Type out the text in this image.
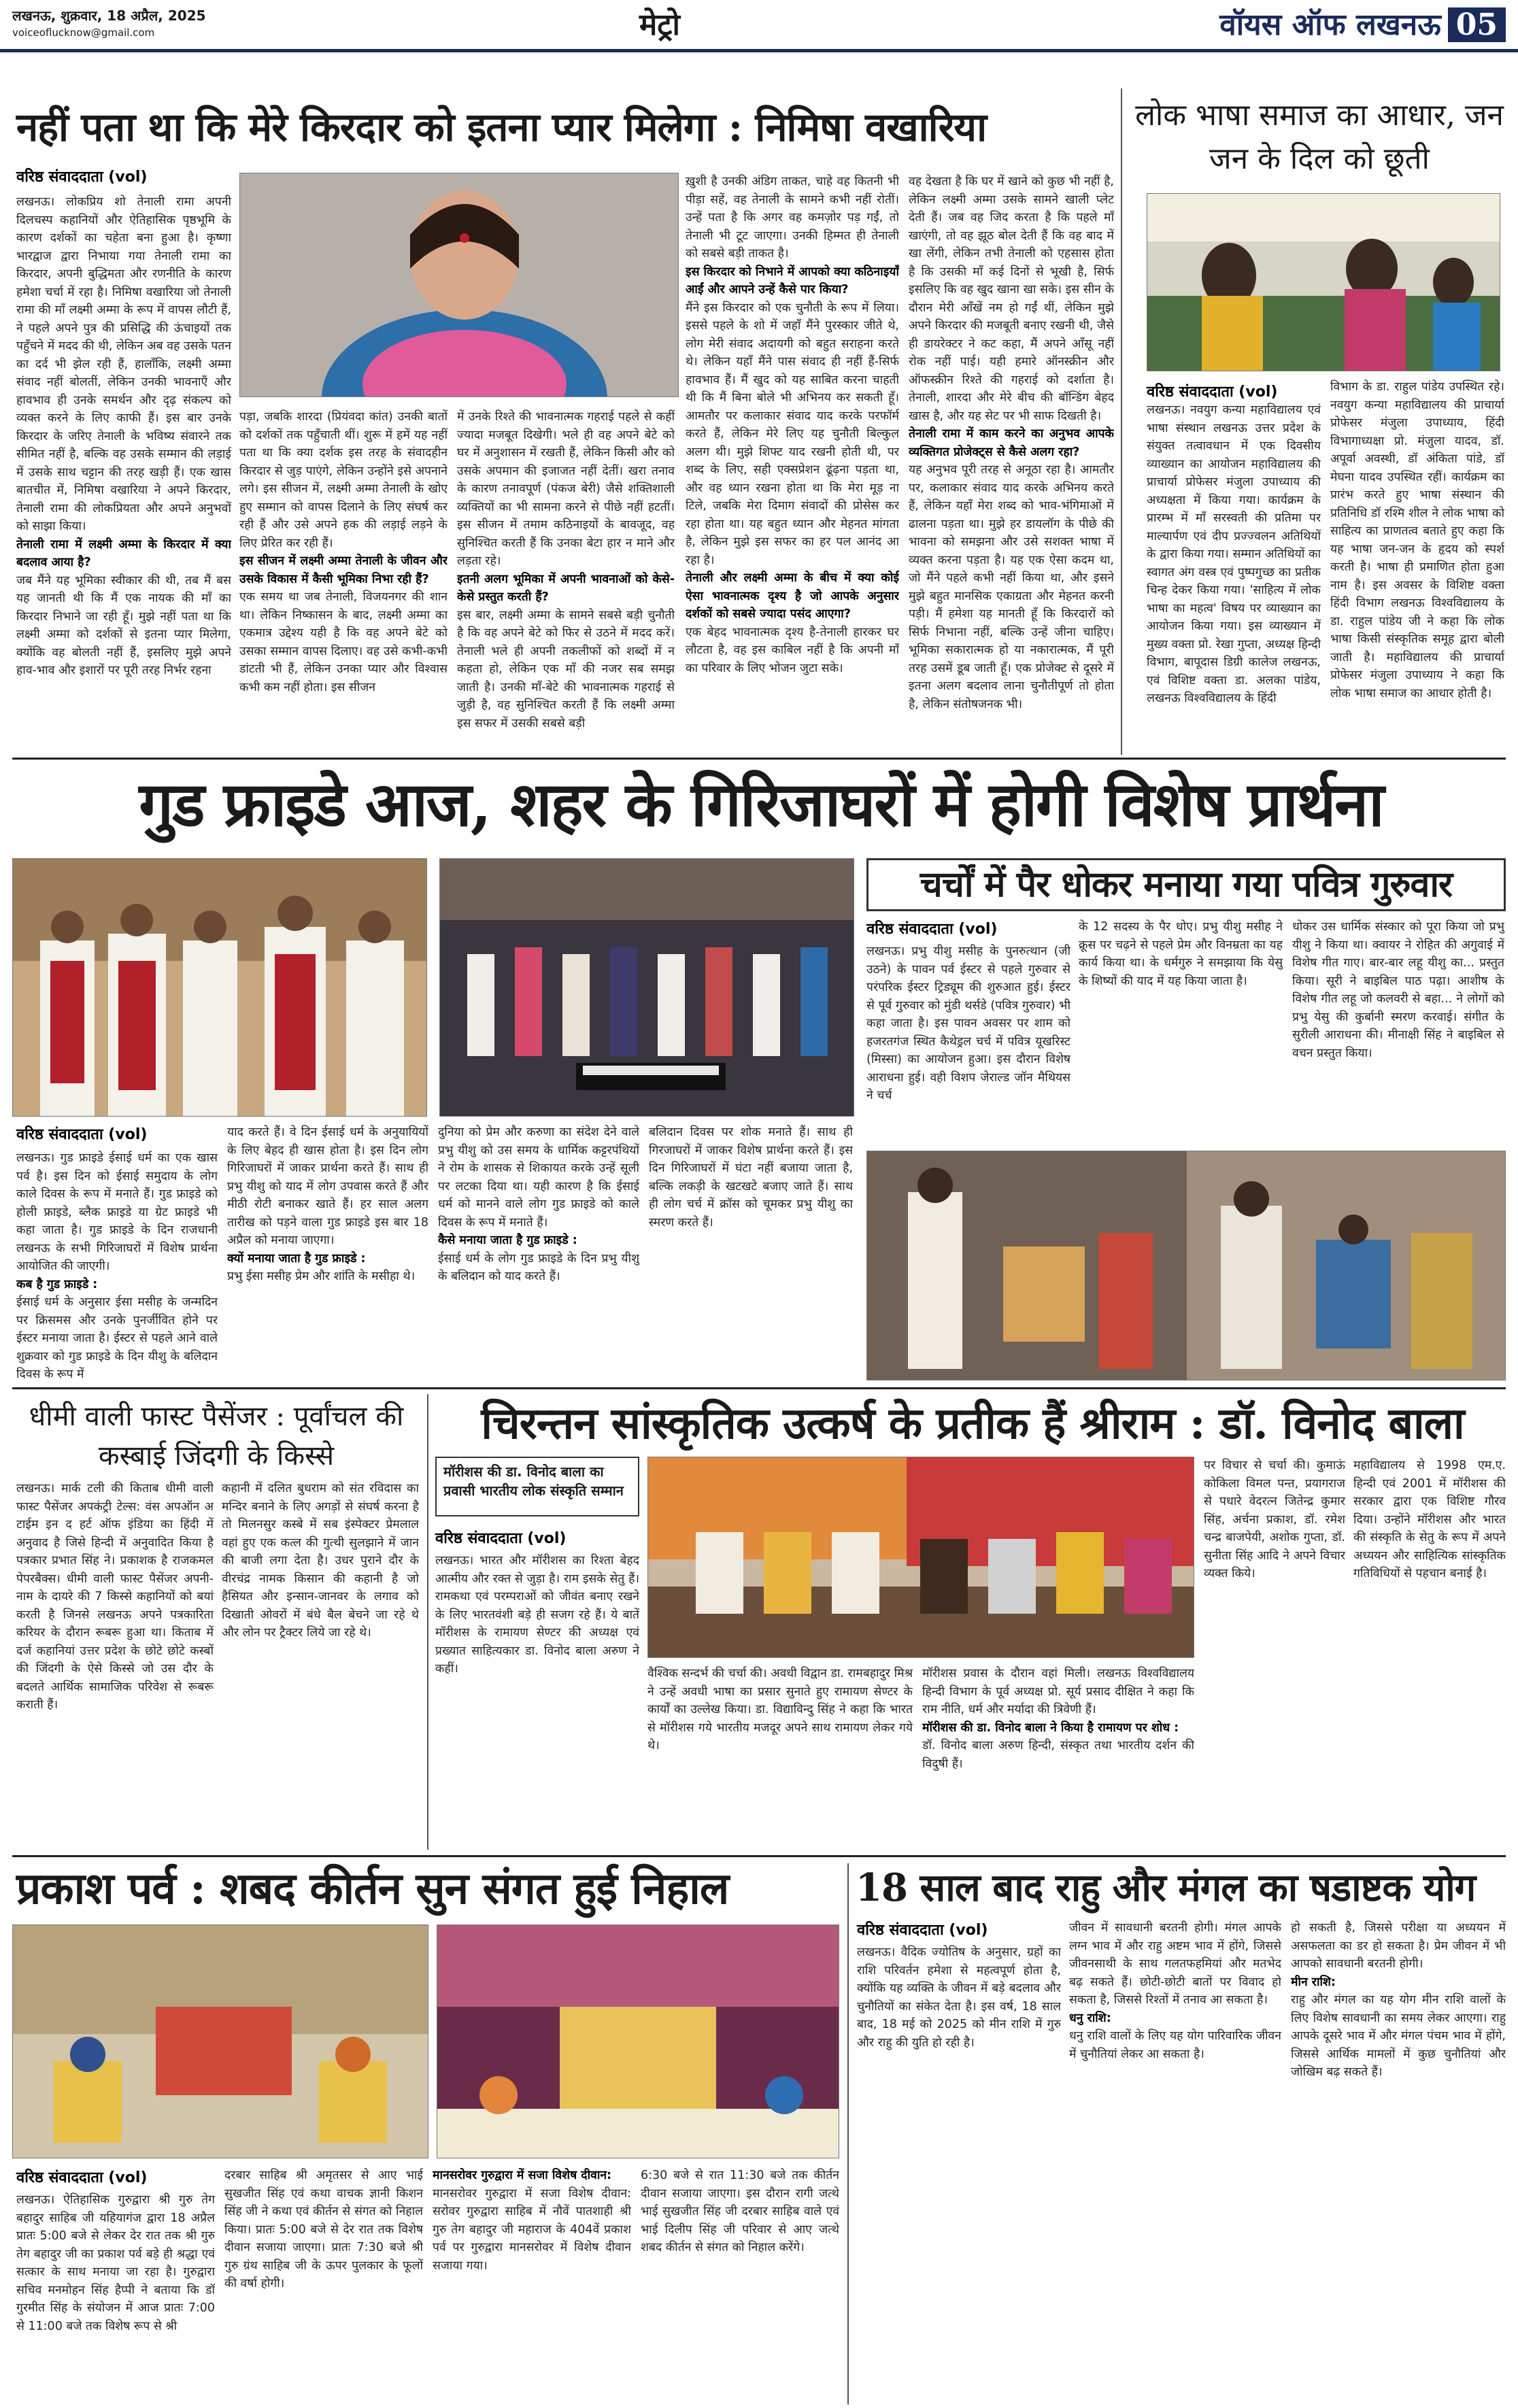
लखनऊ, शुक्रवार, 18 अप्रैल, 2025
voiceoflucknow@gmail.com	मेट्रो	वॉयस ऑफ लखनऊ 05
नहीं पता था कि मेरे किरदार को इतना प्यार मिलेगा : निमिषा वखारिया
वरिष्ठ संवाददाता (vol)
लखनऊ। लोकप्रिय शो तेनाली रामा अपनी दिलचस्प कहानियों और ऐतिहासिक पृष्ठभूमि के कारण दर्शकों का चहेता बना हुआ है। कृष्णा भारद्वाज द्वारा निभाया गया तेनाली रामा का किरदार, अपनी बुद्धिमता और रणनीति के कारण हमेशा चर्चा में रहा है। निमिषा वखारिया जो तेनाली रामा की माँ लक्ष्मी अम्मा के रूप में वापस लौटी हैं, ने पहले अपने पुत्र की प्रसिद्धि की ऊंचाइयों तक पहुँचने में मदद की थी, लेकिन अब वह उसके पतन का दर्द भी झेल रही हैं, हालाँकि, लक्ष्मी अम्मा संवाद नहीं बोलतीं, लेकिन उनकी भावनाएँ और हावभाव ही उनके समर्थन और दृढ़ संकल्प को व्यक्त करने के लिए काफी हैं। इस बार उनके किरदार के जरिए तेनाली के भविष्य संवारने तक सीमित नहीं है, बल्कि वह उसके सम्मान की लड़ाई में उसके साथ चट्टान की तरह खड़ी हैं। एक खास बातचीत में, निमिषा वखारिया ने अपने किरदार, तेनाली रामा की लोकप्रियता और अपने अनुभवों को साझा किया।
तेनाली रामा में लक्ष्मी अम्मा के किरदार में क्या बदलाव आया है?
जब मैंने यह भूमिका स्वीकार की थी, तब मैं बस यह जानती थी कि मैं एक नायक की माँ का किरदार निभाने जा रही हूँ। मुझे नहीं पता था कि लक्ष्मी अम्मा को दर्शकों से इतना प्यार मिलेगा, क्योंकि वह बोलती नहीं हैं, इसलिए मुझे अपने हाव-भाव और इशारों पर पूरी तरह निर्भर रहना
पड़ा, जबकि शारदा (प्रियंवदा कांत) उनकी बातों को दर्शकों तक पहुँचाती थीं। शुरू में हमें यह नहीं पता था कि क्या दर्शक इस तरह के संवादहीन किरदार से जुड़ पाएंगे, लेकिन उन्होंने इसे अपनाने लगे। इस सीजन में, लक्ष्मी अम्मा तेनाली के खोए हुए सम्मान को वापस दिलाने के लिए संघर्ष कर रही हैं और उसे अपने हक की लड़ाई लड़ने के लिए प्रेरित कर रही हैं।
इस सीजन में लक्ष्मी अम्मा तेनाली के जीवन और उसके विकास में कैसी भूमिका निभा रही हैं?
एक समय था जब तेनाली, विजयनगर की शान था। लेकिन निष्कासन के बाद, लक्ष्मी अम्मा का एकमात्र उद्देश्य यही है कि वह अपने बेटे को उसका सम्मान वापस दिलाए। वह उसे कभी-कभी डांटती भी हैं, लेकिन उनका प्यार और विश्वास कभी कम नहीं होता। इस सीजन
में उनके रिश्ते की भावनात्मक गहराई पहले से कहीं ज्यादा मजबूत दिखेगी। भले ही वह अपने बेटे को घर में अनुशासन में रखती हैं, लेकिन किसी और को उसके अपमान की इजाजत नहीं देतीं। खरा तनाव के कारण तनावपूर्ण (पंकज बेरी) जैसे शक्तिशाली व्यक्तियों का भी सामना करने से पीछे नहीं हटतीं। इस सीजन में तमाम कठिनाइयों के बावजूद, वह सुनिश्चित करती हैं कि उनका बेटा हार न माने और लड़ता रहे।
इतनी अलग भूमिका में अपनी भावनाओं को केसे-केसे प्रस्तुत करती हैं?
इस बार, लक्ष्मी अम्मा के सामने सबसे बड़ी चुनौती है कि वह अपने बेटे को फिर से उठने में मदद करें। तेनाली भले ही अपनी तकलीफों को शब्दों में न कहता हो, लेकिन एक माँ की नजर सब समझ जाती है। उनकी माँ-बेटे की भावनात्मक गहराई से जुड़ी है, वह सुनिश्चित करती हैं कि लक्ष्मी अम्मा इस सफर में उसकी सबसे बड़ी
ख़ुशी है उनकी अंडिग ताकत, चाहे वह कितनी भी पीड़ा सहें, वह तेनाली के सामने कभी नहीं रोतीं। उन्हें पता है कि अगर वह कमज़ोर पड़ गईं, तो तेनाली भी टूट जाएगा। उनकी हिम्मत ही तेनाली को सबसे बड़ी ताकत है।
इस किरदार को निभाने में आपको क्या कठिनाइयाँ आईं और आपने उन्हें कैसे पार किया?
मैंने इस किरदार को एक चुनौती के रूप में लिया। इससे पहले के शो में जहाँ मैंने पुरस्कार जीते थे, लोग मेरी संवाद अदायगी को बहुत सराहना करते थे। लेकिन यहाँ मैंने पास संवाद ही नहीं हैं-सिर्फ हावभाव हैं। मैं खुद को यह साबित करना चाहती थी कि मैं बिना बोले भी अभिनय कर सकती हूँ। आमतौर पर कलाकार संवाद याद करके परफॉर्म करते हैं, लेकिन मेरे लिए यह चुनौती बिल्कुल अलग थी। मुझे शिफ्ट याद रखनी होती थी, पर शब्द के लिए, सही एक्सप्रेशन ढूंढ़ना पड़ता था, और वह ध्यान रखना होता था कि मेरा मूड़ ना टिले, जबकि मेरा दिमाग संवादों की प्रोसेस कर रहा होता था। यह बहुत ध्यान और मेहनत मांगता है, लेकिन मुझे इस सफर का हर पल आनंद आ रहा है।
तेनाली और लक्ष्मी अम्मा के बीच में क्या कोई ऐसा भावनात्मक दृश्य है जो आपके अनुसार दर्शकों को सबसे ज्यादा पसंद आएगा?
एक बेहद भावनात्मक दृश्य है-तेनाली हारकर घर लौटता है, वह इस काबिल नहीं है कि अपनी माँ का परिवार के लिए भोजन जुटा सके।
वह देखता है कि घर में खाने को कुछ भी नहीं है, लेकिन लक्ष्मी अम्मा उसके सामने खाली प्लेट देती हैं। जब वह जिद करता है कि पहले माँ खाएंगी, तो वह झूठ बोल देती हैं कि वह बाद में खा लेंगी, लेकिन तभी तेनाली को एहसास होता है कि उसकी माँ कई दिनों से भूखी है, सिर्फ इसलिए कि वह खुद खाना खा सके। इस सीन के दौरान मेरी आँखें नम हो गईं थीं, लेकिन मुझे अपने किरदार की मजबूती बनाए रखनी थी, जैसे ही डायरेक्टर ने कट कहा, मैं अपने आँसू नहीं रोक नहीं पाई। यही हमारे ऑनस्क्रीन और ऑफस्क्रीन रिश्ते की गहराई को दर्शाता है। तेनाली, शारदा और मेरे बीच की बॉन्डिंग बेहद खास है, और यह सेट पर भी साफ दिखती है।
तेनाली रामा में काम करने का अनुभव आपके व्यक्तिगत प्रोजेक्ट्स से कैसे अलग रहा?
यह अनुभव पूरी तरह से अनूठा रहा है। आमतौर पर, कलाकार संवाद याद करके अभिनय करते हैं, लेकिन यहाँ मेरा शब्द को भाव-भंगिमाओं में ढालना पड़ता था। मुझे हर डायलॉग के पीछे की भावना को समझना और उसे सशक्त भाषा में व्यक्त करना पड़ता है। यह एक ऐसा कदम था, जो मैंने पहले कभी नहीं किया था, और इसने मुझे बहुत मानसिक एकाग्रता और मेहनत करनी पड़ी। मैं हमेशा यह मानती हूँ कि किरदारों को सिर्फ निभाना नहीं, बल्कि उन्हें जीना चाहिए। भूमिका सकारात्मक हो या नकारात्मक, मैं पूरी तरह उसमें डूब जाती हूँ। एक प्रोजेक्ट से दूसरे में इतना अलग बदलाव लाना चुनौतीपूर्ण तो होता है, लेकिन संतोषजनक भी।
लोक भाषा समाज का आधार, जन जन के दिल को छूती
वरिष्ठ संवाददाता (vol)
लखनऊ। नवयुग कन्या महाविद्यालय एवं भाषा संस्थान लखनऊ उत्तर प्रदेश के संयुक्त तत्वावधान में एक दिवसीय व्याख्यान का आयोजन महाविद्यालय की प्राचार्या प्रोफेसर मंजुला उपाध्याय की अध्यक्षता में किया गया। कार्यक्रम के प्रारम्भ में माँ सरस्वती की प्रतिमा पर माल्यार्पण एवं दीप प्रज्ज्वलन अतिथियों के द्वारा किया गया। सम्मान अतिथियों का स्वागत अंग वस्त्र एवं पुष्पगुच्छ का प्रतीक चिन्ह देकर किया गया। 'साहित्य में लोक भाषा का महत्व' विषय पर व्याख्यान का आयोजन किया गया। इस व्याख्यान में मुख्य वक्ता प्रो. रेखा गुप्ता, अध्यक्ष हिन्दी विभाग, बापूदास डिग्री कालेज लखनऊ, एवं विशिष्ट वक्ता डा. अलका पांडेय, लखनऊ विश्वविद्यालय के हिंदी
विभाग के डा. राहुल पांडेय उपस्थित रहे। नवयुग कन्या महाविद्यालय की प्राचार्या प्रोफेसर मंजुला उपाध्याय, हिंदी विभागाध्यक्षा प्रो. मंजुला यादव, डॉ. अपूर्वा अवस्थी, डॉ अंकिता पांडे, डॉ मेघना यादव उपस्थित रहीं। कार्यक्रम का प्रारंभ करते हुए भाषा संस्थान की प्रतिनिधि डॉ रश्मि शील ने लोक भाषा को साहित्य का प्राणतत्व बताते हुए कहा कि यह भाषा जन-जन के हृदय को स्पर्श करती है। भाषा ही प्रमाणित होता हुआ नाम है। इस अवसर के विशिष्ट वक्ता हिंदी विभाग लखनऊ विश्वविद्यालय के डा. राहुल पांडेय जी ने कहा कि लोक भाषा किसी संस्कृतिक समूह द्वारा बोली जाती है। महाविद्यालय की प्राचार्या प्रोफेसर मंजुला उपाध्याय ने कहा कि लोक भाषा समाज का आधार होती है।
गुड फ्राइडे आज, शहर के गिरिजाघरों में होगी विशेष प्रार्थना
चर्चों में पैर धोकर मनाया गया पवित्र गुरुवार
वरिष्ठ संवाददाता (vol)
लखनऊ। प्रभु यीशु मसीह के पुनरुत्थान (जी उठने) के पावन पर्व ईस्टर से पहले गुरुवार से परंपरिक ईस्टर ट्रिड्यूम की शुरुआत हुई। ईस्टर से पूर्व गुरुवार को मुंडी थर्सडे (पवित्र गुरुवार) भी कहा जाता है। इस पावन अवसर पर शाम को हजरतगंज स्थित कैथेड्रल चर्च में पवित्र यूखरिस्ट (मिस्सा) का आयोजन हुआ। इस दौरान विशेष आराधना हुई। वही विशप जेराल्ड जॉन मैथियस ने चर्च
के 12 सदस्य के पैर धोए। प्रभु यीशु मसीह ने क्रूस पर चढ़ने से पहले प्रेम और विनम्रता का यह कार्य किया था। के धर्मगुरु ने समझाया कि येसु के शिष्यों की याद में यह किया जाता है।
धोकर उस धार्मिक संस्कार को पूरा किया जो प्रभु यीशु ने किया था। क्वायर ने रोहित की अगुवाई में विशेष गीत गाए। बार-बार लहू यीशु का... प्रस्तुत किया। सूरी ने बाइबिल पाठ पढ़ा। आशीष के विशेष गीत लहू जो कलवरी से बहा... ने लोगों को प्रभु येसु की कुर्बानी स्मरण करवाई। संगीत के सुरीली आराधना की। मीनाक्षी सिंह ने बाइबिल से वचन प्रस्तुत किया।
वरिष्ठ संवाददाता (vol)
लखनऊ। गुड फ्राइडे ईसाई धर्म का एक खास पर्व है। इस दिन को ईसाई समुदाय के लोग काले दिवस के रूप में मनाते हैं। गुड फ्राइडे को होली फ्राइडे, ब्लैक फ्राइडे या ग्रेट फ्राइडे भी कहा जाता है। गुड फ्राइडे के दिन राजधानी लखनऊ के सभी गिरिजाघरों में विशेष प्रार्थना आयोजित की जाएगी।
कब है गुड फ्राइडे :
ईसाई धर्म के अनुसार ईसा मसीह के जन्मदिन पर क्रिसमस और उनके पुनर्जीवित होने पर ईस्टर मनाया जाता है। ईस्टर से पहले आने वाले शुक्रवार को गुड फ्राइडे के दिन यीशु के बलिदान दिवस के रूप में
याद करते हैं। वे दिन ईसाई धर्म के अनुयायियों के लिए बेहद ही खास होता है। इस दिन लोग गिरिजाघरों में जाकर प्रार्थना करते हैं। साथ ही प्रभु यीशु को याद में लोग उपवास करते हैं और मीठी रोटी बनाकर खाते हैं। हर साल अलग तारीख को पड़ने वाला गुड फ्राइडे इस बार 18 अप्रैल को मनाया जाएगा।
क्यों मनाया जाता है गुड फ्राइडे :
प्रभु ईसा मसीह प्रेम और शांति के मसीहा थे।
दुनिया को प्रेम और करुणा का संदेश देने वाले प्रभु यीशु को उस समय के धार्मिक कट्टरपंथियों ने रोम के शासक से शिकायत करके उन्हें सूली पर लटका दिया था। यही कारण है कि ईसाई धर्म को मानने वाले लोग गुड फ्राइडे को काले दिवस के रूप में मनाते हैं।
कैसे मनाया जाता है गुड फ्राइडे :
ईसाई धर्म के लोग गुड फ्राइडे के दिन प्रभु यीशु के बलिदान को याद करते हैं।
बलिदान दिवस पर शोक मनाते हैं। साथ ही गिरजाघरों में जाकर विशेष प्रार्थना करते हैं। इस दिन गिरिजाघरों में घंटा नहीं बजाया जाता है, बल्कि लकड़ी के खटखटे बजाए जाते हैं। साथ ही लोग चर्च में क्रॉस को चूमकर प्रभु यीशु का स्मरण करते हैं।
धीमी वाली फास्ट पैसेंजर : पूर्वांचल की कस्बाई जिंदगी के किस्से
लखनऊ। मार्क टली की किताब धीमी वाली फास्ट पैसेंजर अपकंट्री टेल्स: वंस अपऑन अ टाईम इन द हर्ट ऑफ इंडिया का हिंदी में अनुवाद है जिसे हिन्दी में अनुवादित किया है पत्रकार प्रभात सिंह ने। प्रकाशक है राजकमल पेपरबैक्स। धीमी वाली फास्ट पैसेंजर अपनी-नाम के दायरे की 7 किस्से कहानियों को बयां करती है जिनसे लखनऊ अपने पत्रकारिता करियर के दौरान रूबरू हुआ था। किताब में दर्ज कहानियां उत्तर प्रदेश के छोटे छोटे कस्बों की जिंदगी के ऐसे किस्से जो उस दौर के बदलते आर्थिक सामाजिक परिवेश से रूबरू कराती हैं।
कहानी में दलित बुधराम को संत रविदास का मन्दिर बनाने के लिए अगड़ों से संघर्ष करना है तो मिलनसुर कस्बे में सब इंस्पेक्टर प्रेमलाल वहां हुए एक कत्ल की गुत्थी सुलझाने में जान की बाजी लगा देता है। उधर पुराने दौर के वीरचंद्र नामक किसान की कहानी है जो हैसियत और इन्सान-जानवर के लगाव को दिखाती ओवरों में बंधे बैल बेचने जा रहे थे और लोन पर ट्रैक्टर लिये जा रहे थे।
चिरन्तन सांस्कृतिक उत्कर्ष के प्रतीक हैं श्रीराम : डॉ. विनोद बाला
मॉरीशस की डा. विनोद बाला का प्रवासी भारतीय लोक संस्कृति सम्मान
वरिष्ठ संवाददाता (vol)
लखनऊ। भारत और मॉरीशस का रिश्ता बेहद आत्मीय और रक्त से जुड़ा है। राम इसके सेतु हैं। रामकथा एवं परम्पराओं को जीवंत बनाए रखने के लिए भारतवंशी बड़े ही सजग रहे हैं। ये बातें मॉरीशस के रामायण सेण्टर की अध्यक्ष एवं प्रख्यात साहित्यकार डा. विनोद बाला अरुण ने कहीं।	वैश्विक सन्दर्भ की चर्चा की। अवधी विद्वान डा. रामबहादुर मिश्र ने उन्हें अवधी भाषा का प्रसार सुनाते हुए रामायण सेण्टर के कार्यों का उल्लेख किया। डा. विद्याविन्दु सिंह ने कहा कि भारत से मॉरीशस गये भारतीय मजदूर अपने साथ रामायण लेकर गये थे।
मॉरीशस प्रवास के दौरान वहां मिली। लखनऊ विश्वविद्यालय हिन्दी विभाग के पूर्व अध्यक्ष प्रो. सूर्य प्रसाद दीक्षित ने कहा कि राम नीति, धर्म और मर्यादा की त्रिवेणी हैं।
मॉरीशस की डा. विनोद बाला ने किया है रामायण पर शोध :
डॉ. विनोद बाला अरुण हिन्दी, संस्कृत तथा भारतीय दर्शन की विदुषी हैं।
पर विचार से चर्चा की। कुमाऊं कोकिला विमल पन्त, प्रयागराज से पधारे वेदरत्न जितेन्द्र कुमार सिंह, अर्चना प्रकाश, डॉ. रमेश चन्द्र बाजपेयी, अशोक गुप्ता, डॉ. सुनीता सिंह आदि ने अपने विचार व्यक्त किये।
महाविद्यालय से 1998 एम.ए. हिन्दी एवं 2001 में मॉरीशस की सरकार द्वारा एक विशिष्ट गौरव दिया। उन्होंने मॉरीशस और भारत की संस्कृति के सेतु के रूप में अपने अध्ययन और साहित्यिक सांस्कृतिक गतिविधियों से पहचान बनाई है।
प्रकाश पर्व : शबद कीर्तन सुन संगत हुई निहाल
वरिष्ठ संवाददाता (vol)
लखनऊ। ऐतिहासिक गुरुद्वारा श्री गुरु तेग बहादुर साहिब जी यहियागंज द्वारा 18 अप्रैल प्रातः 5:00 बजे से लेकर देर रात तक श्री गुरु तेग बहादुर जी का प्रकाश पर्व बड़े ही श्रद्धा एवं सत्कार के साथ मनाया जा रहा है। गुरुद्वारा सचिव मनमोहन सिंह हैप्पी ने बताया कि डॉ गुरमीत सिंह के संयोजन में आज प्रातः 7:00 से 11:00 बजे तक विशेष रूप से श्री
दरबार साहिब श्री अमृतसर से आए भाई सुखजीत सिंह एवं कथा वाचक ज्ञानी किशन सिंह जी ने कथा एवं कीर्तन से संगत को निहाल किया। प्रातः 5:00 बजे से देर रात तक विशेष दीवान सजाया जाएगा। प्रातः 7:30 बजे श्री गुरु ग्रंथ साहिब जी के ऊपर पुलकार के फूलों की वर्षा होगी।
मानसरोवर गुरुद्वारा में सजा विशेष दीवान:
मानसरोवर गुरुद्वारा में सजा विशेष दीवान: सरोवर गुरुद्वारा साहिब में नौवें पातशाही श्री गुरु तेग बहादुर जी महाराज के 404वें प्रकाश पर्व पर गुरुद्वारा मानसरोवर में विशेष दीवान सजाया गया।
6:30 बजे से रात 11:30 बजे तक कीर्तन दीवान सजाया जाएगा। इस दौरान रागी जत्थे भाई सुखजीत सिंह जी दरबार साहिब वाले एवं भाई दिलीप सिंह जी परिवार से आए जत्थे शबद कीर्तन से संगत को निहाल करेंगे।
18 साल बाद राहु और मंगल का षडाष्टक योग
वरिष्ठ संवाददाता (vol)
लखनऊ। वैदिक ज्योतिष के अनुसार, ग्रहों का राशि परिवर्तन हमेशा से महत्वपूर्ण होता है, क्योंकि यह व्यक्ति के जीवन में बड़े बदलाव और चुनौतियों का संकेत देता है। इस वर्ष, 18 साल बाद, 18 मई को 2025 को मीन राशि में गुरु और राहु की युति हो रही है।
जीवन में सावधानी बरतनी होगी। मंगल आपके लग्न भाव में और राहु अष्टम भाव में होंगे, जिससे जीवनसाथी के साथ गलतफहमियां और मतभेद बढ़ सकते हैं। छोटी-छोटी बातों पर विवाद हो सकता है, जिससे रिश्तों में तनाव आ सकता है।
धनु राशि:
धनु राशि वालों के लिए यह योग पारिवारिक जीवन में चुनौतियां लेकर आ सकता है।
हो सकती है, जिससे परीक्षा या अध्ययन में असफलता का डर हो सकता है। प्रेम जीवन में भी आपको सावधानी बरतनी होगी।
मीन राशि:
राहु और मंगल का यह योग मीन राशि वालों के लिए विशेष सावधानी का समय लेकर आएगा। राहु आपके दूसरे भाव में और मंगल पंचम भाव में होंगे, जिससे आर्थिक मामलों में कुछ चुनौतियां और जोखिम बढ़ सकते हैं।
